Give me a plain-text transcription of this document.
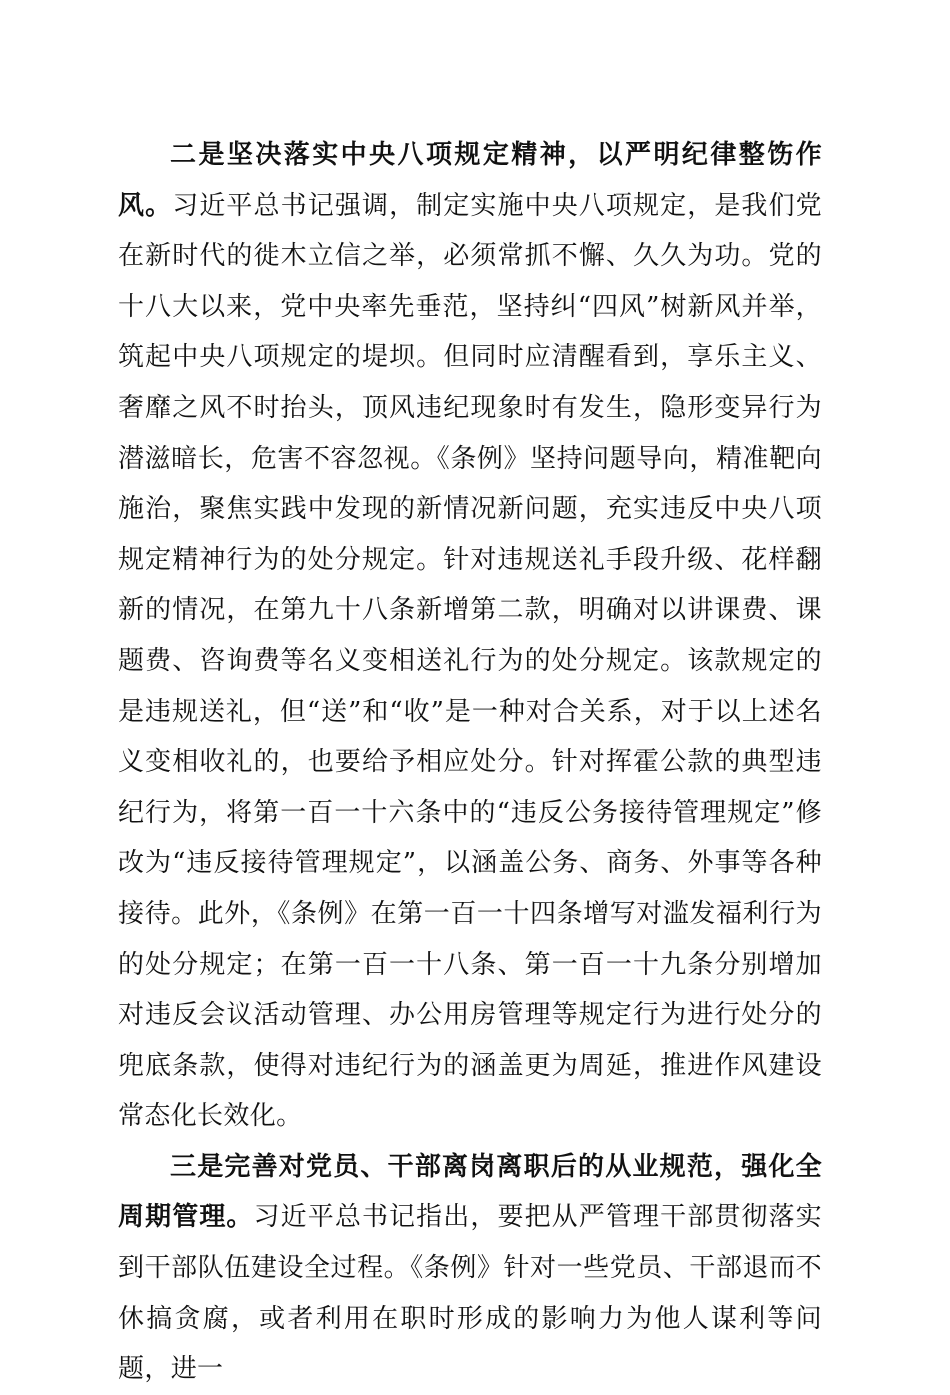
二是坚决落实中央八项规定精神，以严明纪律整饬作风。习近平总书记强调，制定实施中央八项规定，是我们党在新时代的徙木立信之举，必须常抓不懈、久久为功。党的十八大以来，党中央率先垂范，坚持纠“四风”树新风并举，筑起中央八项规定的堤坝。但同时应清醒看到，享乐主义、奢靡之风不时抬头，顶风违纪现象时有发生，隐形变异行为潜滋暗长，危害不容忽视。《条例》坚持问题导向，精准靶向施治，聚焦实践中发现的新情况新问题，充实违反中央八项规定精神行为的处分规定。针对违规送礼手段升级、花样翻新的情况，在第九十八条新增第二款，明确对以讲课费、课题费、咨询费等名义变相送礼行为的处分规定。该款规定的是违规送礼，但“送”和“收”是一种对合关系，对于以上述名义变相收礼的，也要给予相应处分。针对挥霍公款的典型违纪行为，将第一百一十六条中的“违反公务接待管理规定”修改为“违反接待管理规定”，以涵盖公务、商务、外事等各种接待。此外，《条例》在第一百一十四条增写对滥发福利行为的处分规定；在第一百一十八条、第一百一十九条分别增加对违反会议活动管理、办公用房管理等规定行为进行处分的兜底条款，使得对违纪行为的涵盖更为周延，推进作风建设常态化长效化。

三是完善对党员、干部离岗离职后的从业规范，强化全周期管理。习近平总书记指出，要把从严管理干部贯彻落实到干部队伍建设全过程。《条例》针对一些党员、干部退而不休搞贪腐，或者利用在职时形成的影响力为他人谋利等问题，进一
